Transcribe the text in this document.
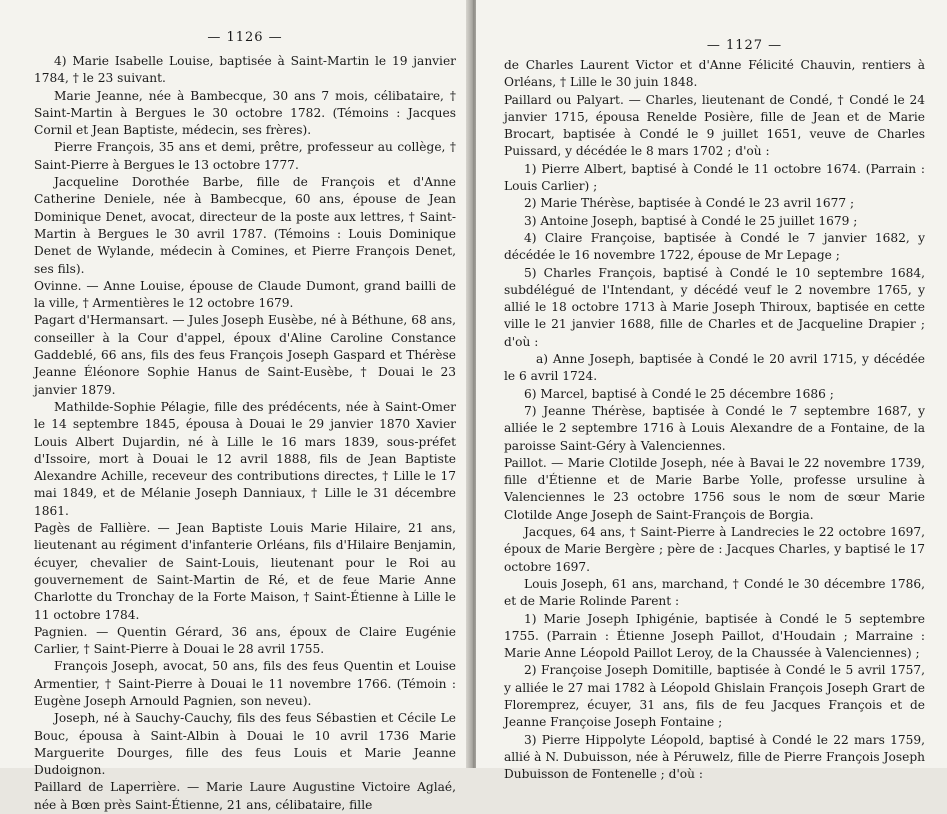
— 1126 —

4) Marie Isabelle Louise, baptisée à Saint-Martin le 19 janvier 1784, † le 23 suivant.

Marie Jeanne, née à Bambecque, 30 ans 7 mois, célibataire, † Saint-Martin à Bergues le 30 octobre 1782. (Témoins : Jacques Cornil et Jean Baptiste, médecin, ses frères).

Pierre François, 35 ans et demi, prêtre, professeur au collège, † Saint-Pierre à Bergues le 13 octobre 1777.

Jacqueline Dorothée Barbe, fille de François et d'Anne Catherine Deniele, née à Bambecque, 60 ans, épouse de Jean Dominique Denet, avocat, directeur de la poste aux lettres, † Saint-Martin à Bergues le 30 avril 1787. (Témoins : Louis Dominique Denet de Wylande, médecin à Comines, et Pierre François Denet, ses fils).

Ovinne. — Anne Louise, épouse de Claude Dumont, grand bailli de la ville, † Armentières le 12 octobre 1679.

Pagart d'Hermansart. — Jules Joseph Eusèbe, né à Béthune, 68 ans, conseiller à la Cour d'appel, époux d'Aline Caroline Constance Gaddeblé, 66 ans, fils des feus François Joseph Gaspard et Thérèse Jeanne Éléonore Sophie Hanus de Saint-Eusèbe, † Douai le 23 janvier 1879.

Mathilde-Sophie Pélagie, fille des prédécents, née à Saint-Omer le 14 septembre 1845, épousa à Douai le 29 janvier 1870 Xavier Louis Albert Dujardin, né à Lille le 16 mars 1839, sous-préfet d'Issoire, mort à Douai le 12 avril 1888, fils de Jean Baptiste Alexandre Achille, receveur des contributions directes, † Lille le 17 mai 1849, et de Mélanie Joseph Danniaux, † Lille le 31 décembre 1861.

Pagès de Fallière. — Jean Baptiste Louis Marie Hilaire, 21 ans, lieutenant au régiment d'infanterie Orléans, fils d'Hilaire Benjamin, écuyer, chevalier de Saint-Louis, lieutenant pour le Roi au gouvernement de Saint-Martin de Ré, et de feue Marie Anne Charlotte du Tronchay de la Forte Maison, † Saint-Étienne à Lille le 11 octobre 1784.

Pagnien. — Quentin Gérard, 36 ans, époux de Claire Eugénie Carlier, † Saint-Pierre à Douai le 28 avril 1755.

François Joseph, avocat, 50 ans, fils des feus Quentin et Louise Armentier, † Saint-Pierre à Douai le 11 novembre 1766. (Témoin : Eugène Joseph Arnould Pagnien, son neveu).

Joseph, né à Sauchy-Cauchy, fils des feus Sébastien et Cécile Le Bouc, épousa à Saint-Albin à Douai le 10 avril 1736 Marie Marguerite Dourges, fille des feus Louis et Marie Jeanne Dudoignon.

Paillard de Laperrière. — Marie Laure Augustine Victoire Aglaé, née à Bœn près Saint-Étienne, 21 ans, célibataire, fille

— 1127 —

de Charles Laurent Victor et d'Anne Félicité Chauvin, rentiers à Orléans, † Lille le 30 juin 1848.

Paillard ou Palyart. — Charles, lieutenant de Condé, † Condé le 24 janvier 1715, épousa Renelde Posière, fille de Jean et de Marie Brocart, baptisée à Condé le 9 juillet 1651, veuve de Charles Puissard, y décédée le 8 mars 1702 ; d'où :

1) Pierre Albert, baptisé à Condé le 11 octobre 1674. (Parrain : Louis Carlier) ;

2) Marie Thérèse, baptisée à Condé le 23 avril 1677 ;

3) Antoine Joseph, baptisé à Condé le 25 juillet 1679 ;

4) Claire Françoise, baptisée à Condé le 7 janvier 1682, y décédée le 16 novembre 1722, épouse de Mr Lepage ;

5) Charles François, baptisé à Condé le 10 septembre 1684, subdélégué de l'Intendant, y décédé veuf le 2 novembre 1765, y allié le 18 octobre 1713 à Marie Joseph Thiroux, baptisée en cette ville le 21 janvier 1688, fille de Charles et de Jacqueline Drapier ; d'où :

a) Anne Joseph, baptisée à Condé le 20 avril 1715, y décédée le 6 avril 1724.

6) Marcel, baptisé à Condé le 25 décembre 1686 ;

7) Jeanne Thérèse, baptisée à Condé le 7 septembre 1687, y alliée le 2 septembre 1716 à Louis Alexandre de a Fontaine, de la paroisse Saint-Géry à Valenciennes.

Paillot. — Marie Clotilde Joseph, née à Bavai le 22 novembre 1739, fille d'Étienne et de Marie Barbe Yolle, professe ursuline à Valenciennes le 23 octobre 1756 sous le nom de sœur Marie Clotilde Ange Joseph de Saint-François de Borgia.

Jacques, 64 ans, † Saint-Pierre à Landrecies le 22 octobre 1697, époux de Marie Bergère ; père de : Jacques Charles, y baptisé le 17 octobre 1697.

Louis Joseph, 61 ans, marchand, † Condé le 30 décembre 1786, et de Marie Rolinde Parent :

1) Marie Joseph Iphigénie, baptisée à Condé le 5 septembre 1755. (Parrain : Étienne Joseph Paillot, d'Houdain ; Marraine : Marie Anne Léopold Paillot Leroy, de la Chaussée à Valenciennes) ;

2) Françoise Joseph Domitille, baptisée à Condé le 5 avril 1757, y alliée le 27 mai 1782 à Léopold Ghislain François Joseph Grart de Floremprez, écuyer, 31 ans, fils de feu Jacques François et de Jeanne Françoise Joseph Fontaine ;

3) Pierre Hippolyte Léopold, baptisé à Condé le 22 mars 1759, allié à N. Dubuisson, née à Péruwelz, fille de Pierre François Joseph Dubuisson de Fontenelle ; d'où :
